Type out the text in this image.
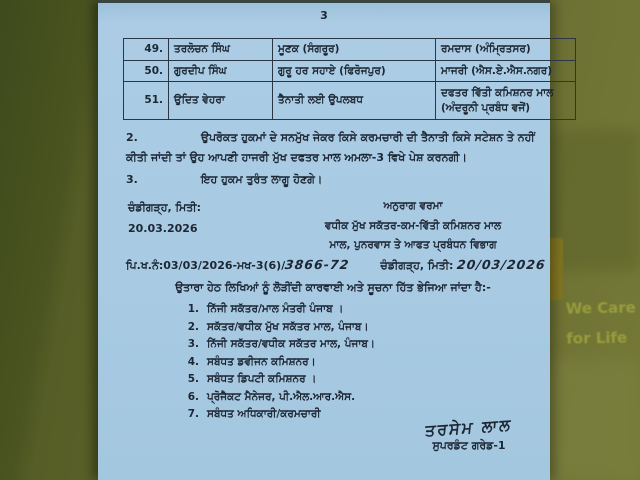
We Care
for Life
3
49.	ਤਰਲੋਚਨ ਸਿੰਘ	ਮੂਣਕ (ਸੰਗਰੂਰ)	ਰਮਦਾਸ (ਅੰਮ੍ਰਿਤਸਰ)
50.	ਗੁਰਦੀਪ ਸਿੰਘ	ਗੁਰੂ ਹਰ ਸਹਾਏ (ਫਿਰੋਜਪੁਰ)	ਮਾਜਰੀ (ਐਸ.ਏ.ਐਸ.ਨਗਰ)
51.	ਉਦਿਤ ਵੇਹਰਾ	ਤੈਨਾਤੀ ਲਈ ਉਪਲਬਧ	ਦਫਤਰ ਵਿੱਤੀ ਕਮਿਸ਼ਨਰ ਮਾਲ (ਅੰਦਰੂਨੀ ਪ੍ਰਬੰਧ ਵਜੋਂ)
2.	ਉਪਰੋਕਤ ਹੁਕਮਾਂ ਦੇ ਸਨਮੁੱਖ ਜੇਕਰ ਕਿਸੇ ਕਰਮਚਾਰੀ ਦੀ ਤੈਨਾਤੀ ਕਿਸੇ ਸਟੇਸ਼ਨ ਤੇ ਨਹੀਂ ਕੀਤੀ ਜਾਂਦੀ ਤਾਂ ਉਹ ਆਪਣੀ ਹਾਜਰੀ ਮੁੱਖ ਦਫਤਰ ਮਾਲ ਅਮਲਾ-3 ਵਿਖੇ ਪੇਸ਼ ਕਰਨਗੀ।
3.	ਇਹ ਹੁਕਮ ਤੁਰੰਤ ਲਾਗੂ ਹੋਣਗੇ।
ਚੰਡੀਗੜ੍ਹ, ਮਿਤੀ:
20.03.2026
ਅਨੁਰਾਗ ਵਰਮਾ
ਵਧੀਕ ਮੁੱਖ ਸਕੱਤਰ-ਕਮ-ਵਿੱਤੀ ਕਮਿਸ਼ਨਰ ਮਾਲ
ਮਾਲ, ਪੁਨਰਵਾਸ ਤੇ ਆਫਤ ਪ੍ਰਬੰਧਨ ਵਿਭਾਗ
ਪਿ.ਖ.ਨੰ:03/03/2026-ਮਖ-3(6)/3866-72	ਚੰਡੀਗੜ੍ਹ, ਮਿਤੀ: 20/03/2026
ਉਤਾਰਾ ਹੇਠ ਲਿਖਿਆਂ ਨੂੰ ਲੋੜੀਂਦੀ ਕਾਰਵਾਈ ਅਤੇ ਸੂਚਨਾ ਹਿੱਤ ਭੇਜਿਆ ਜਾਂਦਾ ਹੈ:-
1. ਨਿੱਜੀ ਸਕੱਤਰ/ਮਾਲ ਮੰਤਰੀ ਪੰਜਾਬ ।
2. ਸਕੱਤਰ/ਵਧੀਕ ਮੁੱਖ ਸਕੱਤਰ ਮਾਲ, ਪੰਜਾਬ।
3. ਨਿੱਜੀ ਸਕੱਤਰ/ਵਧੀਕ ਸਕੱਤਰ ਮਾਲ, ਪੰਜਾਬ।
4. ਸਬੰਧਤ ਡਵੀਜਨ ਕਮਿਸ਼ਨਰ।
5. ਸਬੰਧਤ ਡਿਪਟੀ ਕਮਿਸ਼ਨਰ ।
6. ਪ੍ਰੋਜੈਕਟ ਮੈਨੇਜਰ, ਪੀ.ਐਲ.ਆਰ.ਐਸ.
7. ਸਬੰਧਤ ਅਧਿਕਾਰੀ/ਕਰਮਚਾਰੀ
ਤਰਸੇਮ ਲਾਲ
ਸੁਪਰਡੰਟ ਗਰੇਡ-1
